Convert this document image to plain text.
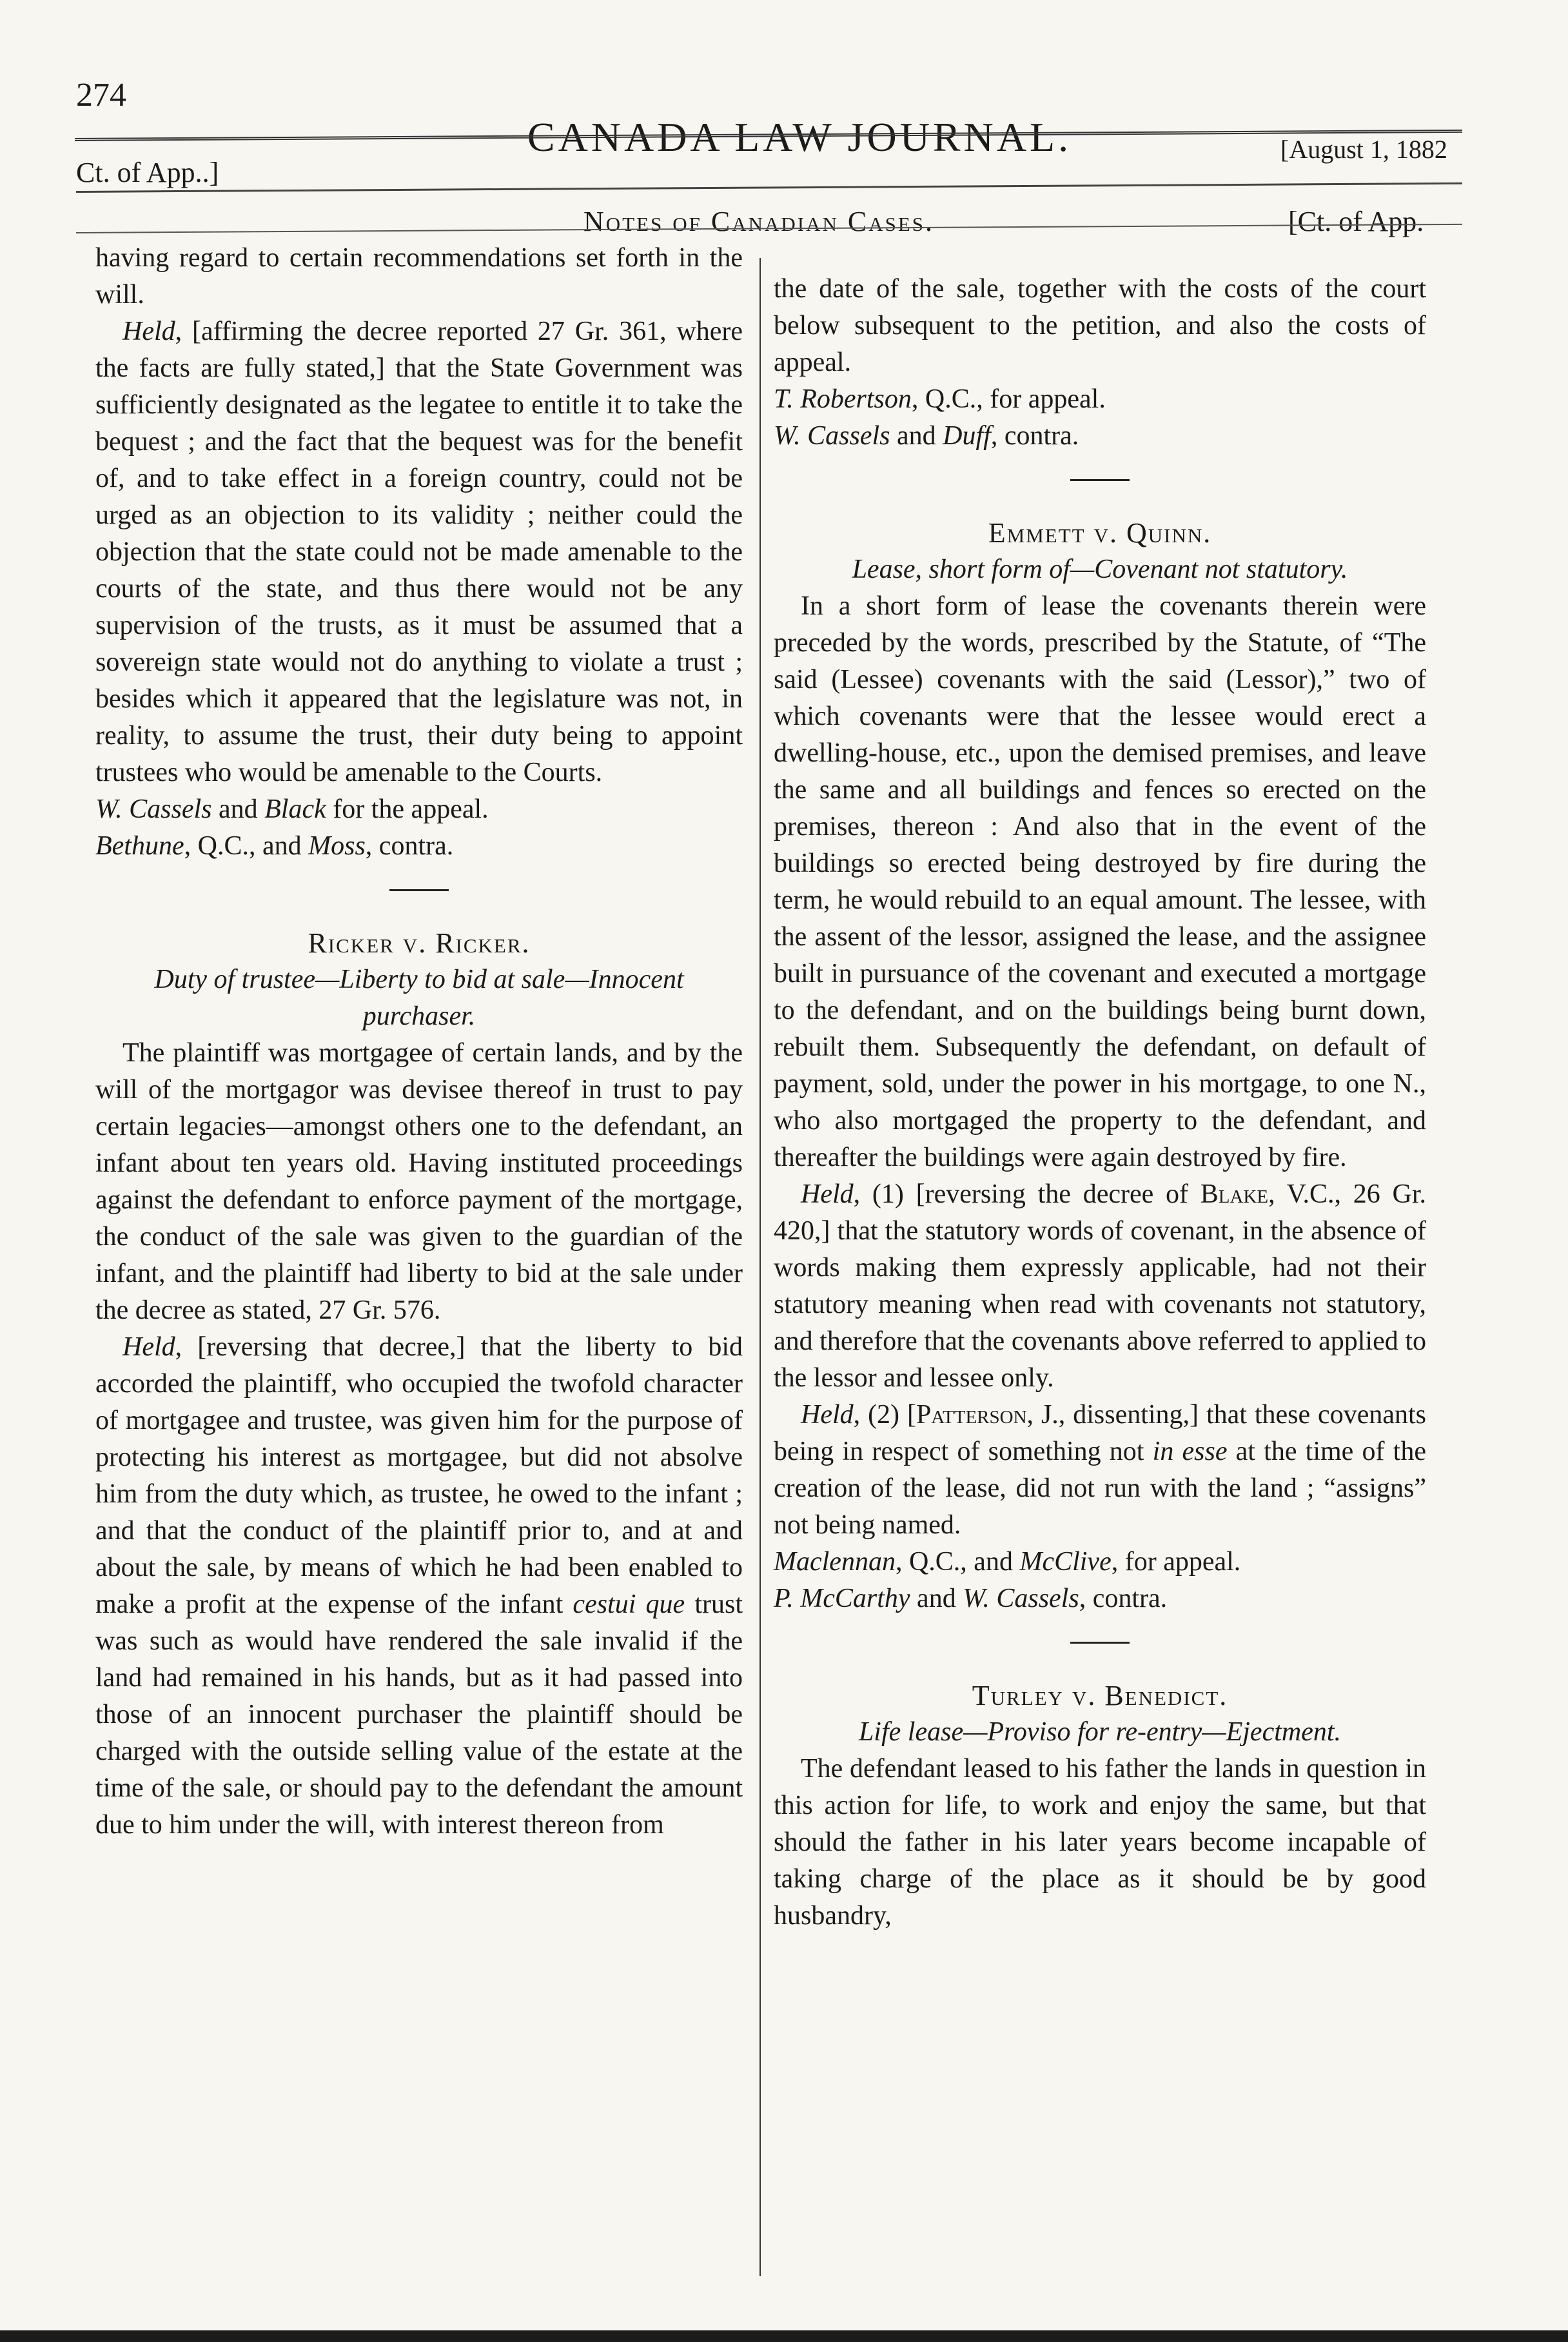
274
CANADA LAW JOURNAL.	[August 1, 1882
Ct. of App..]
Notes of Canadian Cases.	[Ct. of App.

having regard to certain recommendations set forth in the will.

Held, [affirming the decree reported 27 Gr. 361, where the facts are fully stated,] that the State Government was sufficiently designated as the legatee to entitle it to take the bequest ; and the fact that the bequest was for the benefit of, and to take effect in a foreign country, could not be urged as an objection to its validity ; neither could the objection that the state could not be made amenable to the courts of the state, and thus there would not be any supervision of the trusts, as it must be assumed that a sovereign state would not do anything to violate a trust ; besides which it appeared that the legislature was not, in reality, to assume the trust, their duty being to appoint trustees who would be amenable to the Courts.

W. Cassels and Black for the appeal.

Bethune, Q.C., and Moss, contra.

Ricker v. Ricker.

Duty of trustee—Liberty to bid at sale—Innocent purchaser.

The plaintiff was mortgagee of certain lands, and by the will of the mortgagor was devisee thereof in trust to pay certain legacies—amongst others one to the defendant, an infant about ten years old. Having instituted proceedings against the defendant to enforce payment of the mortgage, the conduct of the sale was given to the guardian of the infant, and the plaintiff had liberty to bid at the sale under the decree as stated, 27 Gr. 576.

Held, [reversing that decree,] that the liberty to bid accorded the plaintiff, who occupied the twofold character of mortgagee and trustee, was given him for the purpose of protecting his interest as mortgagee, but did not absolve him from the duty which, as trustee, he owed to the infant ; and that the conduct of the plaintiff prior to, and at and about the sale, by means of which he had been enabled to make a profit at the expense of the infant cestui que trust was such as would have rendered the sale invalid if the land had remained in his hands, but as it had passed into those of an innocent purchaser the plaintiff should be charged with the outside selling value of the estate at the time of the sale, or should pay to the defendant the amount due to him under the will, with interest thereon from

the date of the sale, together with the costs of the court below subsequent to the petition, and also the costs of appeal.

T. Robertson, Q.C., for appeal.

W. Cassels and Duff, contra.

Emmett v. Quinn.

Lease, short form of—Covenant not statutory.

In a short form of lease the covenants therein were preceded by the words, prescribed by the Statute, of “The said (Lessee) covenants with the said (Lessor),” two of which covenants were that the lessee would erect a dwelling-house, etc., upon the demised premises, and leave the same and all buildings and fences so erected on the premises, thereon : And also that in the event of the buildings so erected being destroyed by fire during the term, he would rebuild to an equal amount. The lessee, with the assent of the lessor, assigned the lease, and the assignee built in pursuance of the covenant and executed a mortgage to the defendant, and on the buildings being burnt down, rebuilt them. Subsequently the defendant, on default of payment, sold, under the power in his mortgage, to one N., who also mortgaged the property to the defendant, and thereafter the buildings were again destroyed by fire.

Held, (1) [reversing the decree of Blake, V.C., 26 Gr. 420,] that the statutory words of covenant, in the absence of words making them expressly applicable, had not their statutory meaning when read with covenants not statutory, and therefore that the covenants above referred to applied to the lessor and lessee only.

Held, (2) [Patterson, J., dissenting,] that these covenants being in respect of something not in esse at the time of the creation of the lease, did not run with the land ; “assigns” not being named.

Maclennan, Q.C., and McClive, for appeal.

P. McCarthy and W. Cassels, contra.

Turley v. Benedict.

Life lease—Proviso for re-entry—Ejectment.

The defendant leased to his father the lands in question in this action for life, to work and enjoy the same, but that should the father in his later years become incapable of taking charge of the place as it should be by good husbandry,
